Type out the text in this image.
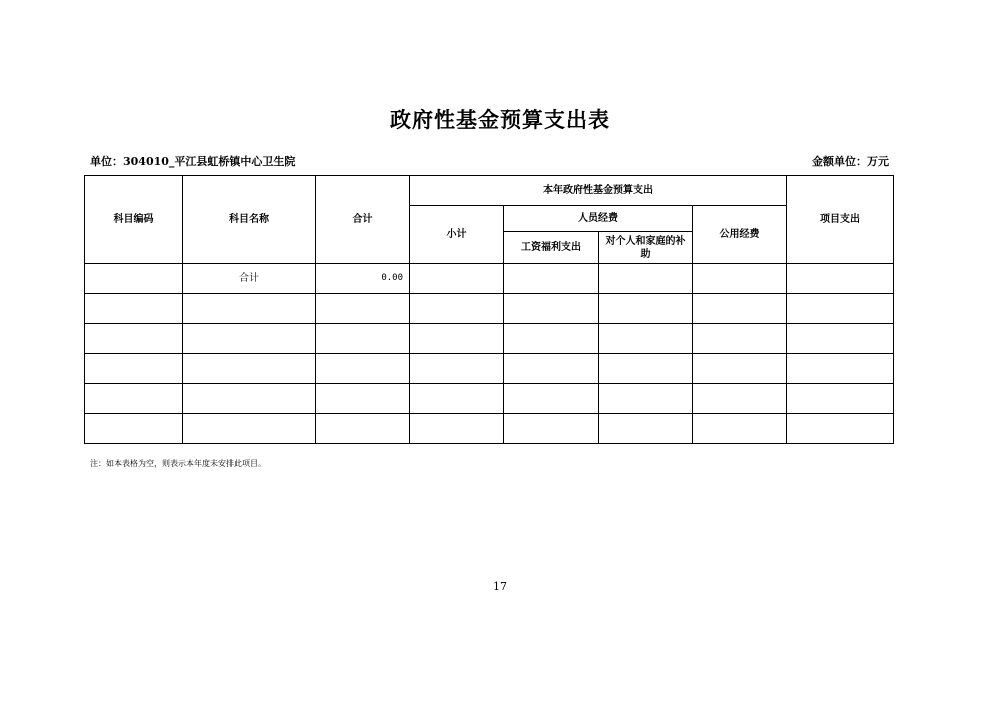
政府性基金预算支出表
单位：304010_平江县虹桥镇中心卫生院	金额单位：万元
科目编码	科目名称	合计	本年政府性基金预算支出				项目支出
			小计	人员经费		公用经费	
				工资福利支出	对个人和家庭的补助		
	合计	0.00					

注：如本表格为空，则表示本年度未安排此项目。
17
